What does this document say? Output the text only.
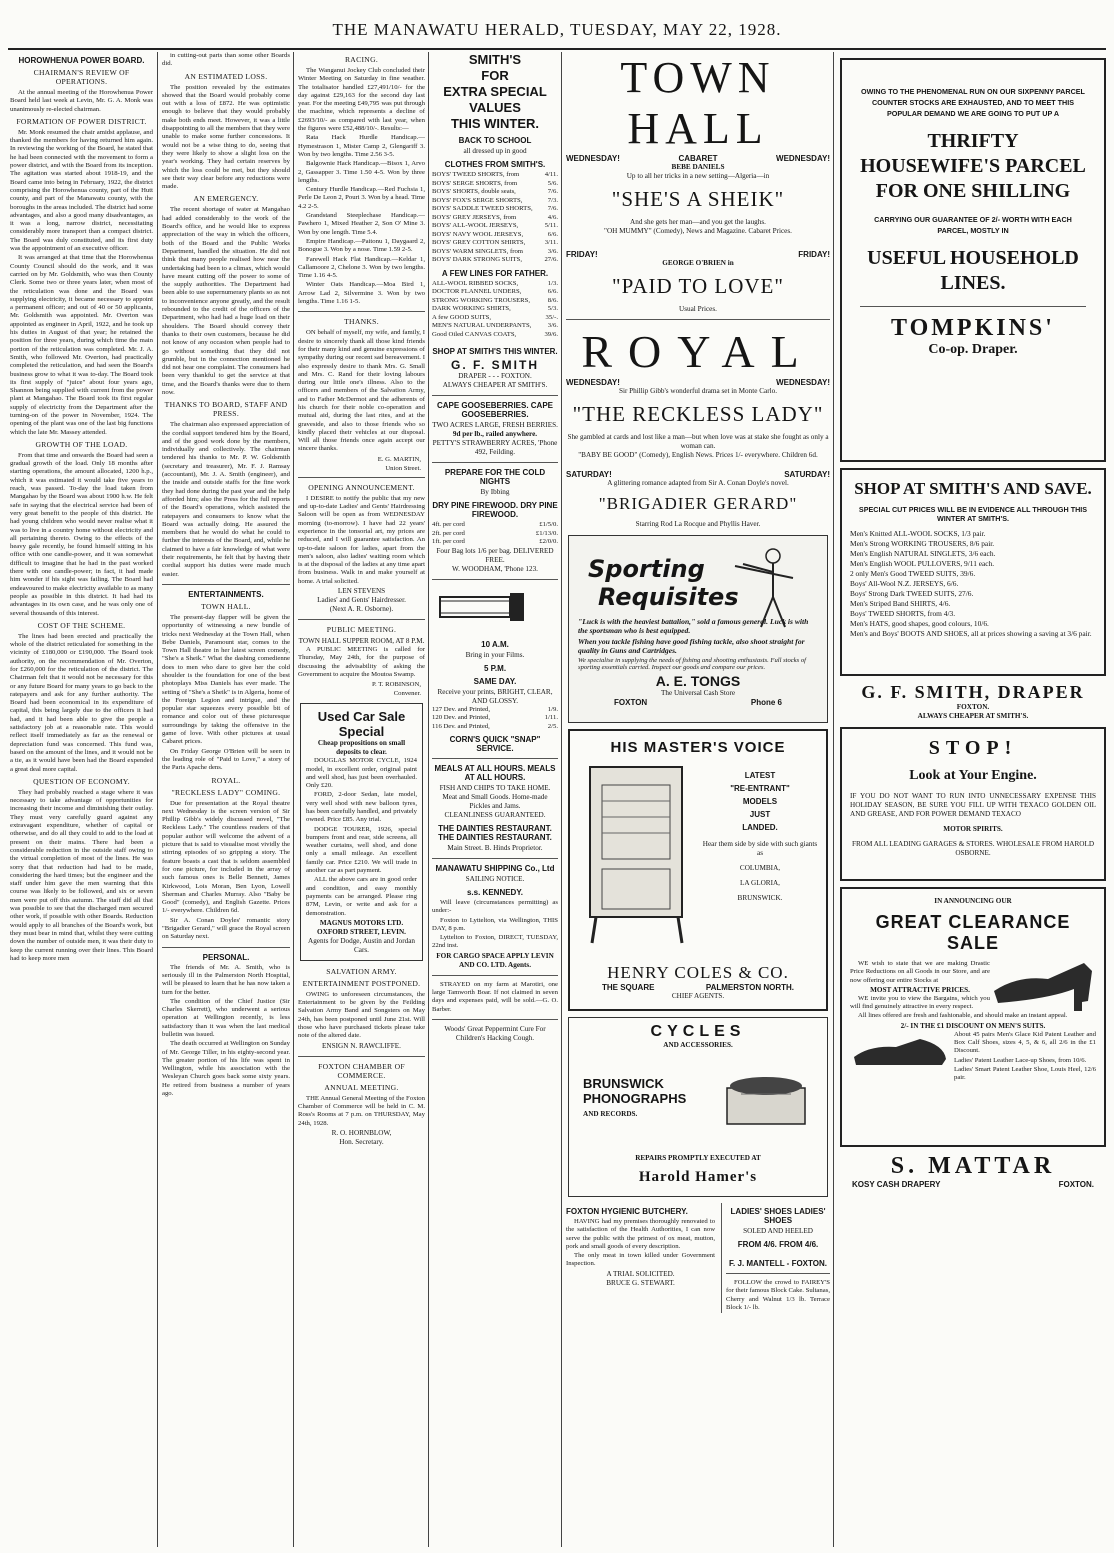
THE MANAWATU HERALD, TUESDAY, MAY 22, 1928.
HOROWHENUA POWER BOARD.
CHAIRMAN'S REVIEW OF OPERATIONS.

At the annual meeting of the Horowhenua Power Board held last week at Levin, Mr. G. A. Monk was unanimously re-elected chairman.

FORMATION OF POWER DISTRICT.

Mr. Monk resumed the chair amidst applause, and thanked the members for having returned him again. In reviewing the working of the Board, he stated that he had been connected with the movement to form a power district, and with the Board from its inception. The agitation was started about 1918-19, and the Board came into being in February, 1922, the district comprising the Horowhenua county, part of the Hutt county, and part of the Manawatu county, with the boroughs in the areas included. The district had some advantages, and also a good many disadvantages, as it was a long, narrow district, necessitating considerably more transport than a compact district. The Board was duly constituted, and its first duty was the appointment of an executive officer.

It was arranged at that time that the Horowhenua County Council should do the work, and it was carried on by Mr. Goldsmith, who was then County Clerk. Some two or three years later, when most of the reticulation was done and the Board was supplying electricity, it became necessary to appoint a permanent officer; and out of 40 or 50 applicants, Mr. Goldsmith was appointed. Mr. Overton was appointed as engineer in April, 1922, and he took up his duties in August of that year; he retained the position for three years, during which time the main portion of the reticulation was completed. Mr. J. A. Smith, who followed Mr. Overton, had practically completed the reticulation, and had seen the Board's business grow to what it was to-day. The Board took its first supply of "juice" about four years ago, Shannon being supplied with current from the power plant at Mangahao. The Board took its first regular supply of electricity from the Department after the turning-on of the power in November, 1924. The opening of the plant was one of the last big functions which the late Mr. Massey attended.

GROWTH OF THE LOAD.

From that time and onwards the Board had seen a gradual growth of the load. Only 18 months after starting operations, the amount allocated, 1200 h.p., which it was estimated it would take five years to reach, was passed. To-day the load taken from Mangahao by the Board was about 1900 h.w. He felt safe in saying that the electrical service had been of very great benefit to the people of this district. He had young children who would never realise what it was to live in a country home without electricity and all pertaining thereto. Owing to the effects of the heavy gale recently, he found himself sitting in his office with one candle-power, and it was somewhat difficult to imagine that he had in the past worked there with one candle-power; in fact, it had made him wonder if his sight was failing. The Board had endeavoured to make electricity available to as many people as possible in this district. It had had its advantages in its own case, and he was only one of several thousands of this interest.

COST OF THE SCHEME.

The lines had been erected and practically the whole of the district reticulated for something in the vicinity of £180,000 or £190,000. The Board took authority, on the recommendation of Mr. Overton, for £260,000 for the reticulation of the district. The Chairman felt that it would not be necessary for this or any future Board for many years to go back to the ratepayers and ask for any further authority. The Board had been economical in its expenditure of capital, this being largely due to the officers it had had, and it had been able to give the people a satisfactory job at a reasonable rate. This would reflect itself immediately as far as the renewal or depreciation fund was concerned. This fund was, based on the amount of the lines, and it would not be a tie, as it would have been had the Board expended a great deal more capital.

QUESTION OF ECONOMY.

They had probably reached a stage where it was necessary to take advantage of opportunities for increasing their income and diminishing their outlay. They must very carefully guard against any extravagant expenditure, whether of capital or otherwise, and do all they could to add to the load at present on their mains. There had been a considerable reduction in the outside staff owing to the virtual completion of most of the lines. He was sorry that that reduction had had to be made, considering the hard times; but the engineer and the staff under him gave the men warning that this course was likely to be followed, and six or seven men were put off this autumn. The staff did all that was possible to see that the discharged men secured other work, if possible with other Boards. Reduction would apply to all branches of the Board's work, but they must bear in mind that, whilst they were cutting down the number of outside men, it was their duty to keep the current running over their lines. This Board had to keep more men

in cutting-out parts than some other Boards did.

AN ESTIMATED LOSS.

The position revealed by the estimates showed that the Board would probably come out with a loss of £872. He was optimistic enough to believe that they would probably make both ends meet. However, it was a little disappointing to all the members that they were unable to make some further concessions. It would not be a wise thing to do, seeing that they were likely to show a slight loss on the year's working. They had certain reserves by which the loss could be met, but they should see their way clear before any reductions were made.

AN EMERGENCY.

The recent shortage of water at Mangahao had added considerably to the work of the Board's office, and he would like to express appreciation of the way in which the officers, both of the Board and the Public Works Department, handled the situation. He did not think that many people realised how near the undertaking had been to a climax, which would have meant cutting off the power to some of the supply authorities. The Department had been able to use supernumerary plants so as not to inconvenience anyone greatly, and the result rebounded to the credit of the officers of the Department, who had had a huge load on their shoulders. The Board should convey their thanks to their own customers, because he did not know of any occasion when people had to go without something that they did not grumble, but in the connection mentioned he did not hear one complaint. The consumers had been very thankful to get the service at that time, and the Board's thanks were due to them now.

THANKS TO BOARD, STAFF AND PRESS.

The chairman also expressed appreciation of the cordial support tendered him by the Board, and of the good work done by the members, individually and collectively. The chairman tendered his thanks to Mr. P. W. Goldsmith (secretary and treasurer), Mr. F. J. Ramsay (accountant), Mr. J. A. Smith (engineer), and the inside and outside staffs for the fine work they had done during the past year and the help afforded him; also the Press for the full reports of the Board's operations, which assisted the ratepayers and consumers to know what the Board was actually doing. He assured the members that he would do what he could to further the interests of the Board, and, while he claimed to have a fair knowledge of what were their requirements, he felt that by having their cordial support his duties were made much easier.

ENTERTAINMENTS.
TOWN HALL.

The present-day flapper will be given the opportunity of witnessing a new bundle of tricks next Wednesday at the Town Hall, when Bebe Daniels, Paramount star, comes to the Town Hall theatre in her latest screen comedy, "She's a Sheik." What the dashing comedienne does to men who dare to give her the cold shoulder is the foundation for one of the best photoplays Miss Daniels has ever made. The setting of "She's a Sheik" is in Algeria, home of the Foreign Legion and intrigue, and the popular star squeezes every possible bit of romance and color out of these picturesque surroundings by taking the offensive in the game of love. With other pictures at usual Cabaret prices.

On Friday George O'Brien will be seen in the leading role of "Paid to Love," a story of the Paris Apache dens.

ROYAL.
"RECKLESS LADY" COMING.

Due for presentation at the Royal theatre next Wednesday is the screen version of Sir Phillip Gibb's widely discussed novel, "The Reckless Lady." The countless readers of that popular author will welcome the advent of a picture that is said to visualise most vividly the stirring episodes of so gripping a story. The feature boasts a cast that is seldom assembled for one picture, for included in the array of such famous ones is Belle Bennett, James Kirkwood, Lois Moran, Ben Lyon, Lowell Sherman and Charles Murray. Also "Baby be Good" (comedy), and English Gazette. Prices 1/- everywhere. Children 6d.

Sir A. Conan Doyles' romantic story "Brigadier Gerard," will grace the Royal screen on Saturday next.

PERSONAL.

The friends of Mr. A. Smith, who is seriously ill in the Palmerston North Hospital, will be pleased to learn that he has now taken a turn for the better.

The condition of the Chief Justice (Sir Charles Skerrett), who underwent a serious operation at Wellington recently, is less satisfactory than it was when the last medical bulletin was issued.

The death occurred at Wellington on Sunday of Mr. George Tiller, in his eighty-second year. The greater portion of his life was spent in Wellington, while his association with the Wesleyan Church goes back some sixty years. He retired from business a number of years ago.

RACING.

The Wanganui Jockey Club concluded their Winter Meeting on Saturday in fine weather. The totalisator handled £27,491/10/- for the day against £29,163 for the second day last year. For the meeting £49,795 was put through the machine, which represents a decline of £2693/10/- as compared with last year, when the figures were £52,488/10/-. Results:—

Rata Hack Hurdle Handicap.—Hymestrason 1, Mister Camp 2, Glengariff 3. Won by two lengths. Time 2.56 3-5.

Balgownie Hack Handicap.—Bisox 1, Arvo 2, Gassapper 3. Time 1.50 4-5. Won by three lengths.

Century Hurdle Handicap.—Red Fuchsia 1, Perle De Leon 2, Pouri 3. Won by a head. Time 4.2 2-5.

Grandstand Steeplechase Handicap.—Pawhero 1, Mixed Heather 2, Son O' Mine 3. Won by one length. Time 5.4.

Empire Handicap.—Paitonu 1, Daygaard 2, Bonogue 3. Won by a nose. Time 1.59 2-5.

Farewell Hack Flat Handicap.—Keldar 1, Callamoore 2, Chelone 3. Won by two lengths. Time 1.16 4-5.

Winter Oats Handicap.—Moa Bird 1, Arrow Lad 2, Silvermine 3. Won by two lengths. Time 1.16 1-5.

THANKS.

ON behalf of myself, my wife, and family, I desire to sincerely thank all those kind friends for their many kind and genuine expressions of sympathy during our recent sad bereavement. I also expressly desire to thank Mrs. G. Small and Mrs. C. Rand for their loving labours during our little one's illness. Also to the officers and members of the Salvation Army, and to Father McDermot and the adherents of his church for their noble co-operation and mutual aid, during the last rites, and at the graveside, and also to those friends who so kindly placed their vehicles at our disposal. Will all those friends once again accept our sincere thanks.

E. G. MARTIN,
Union Street.
OPENING ANNOUNCEMENT.

I DESIRE to notify the public that my new and up-to-date Ladies' and Gents' Hairdressing Saloon will be open as from WEDNESDAY morning (to-morrow). I have had 22 years' experience in the tonsorial art, my prices are reduced, and I will guarantee satisfaction. An up-to-date saloon for ladies, apart from the men's saloon, also ladies' waiting room which is at the disposal of the ladies at any time apart from business. Walk in and make yourself at home. A trial solicited.

LEN STEVENS
Ladies' and Gents' Hairdresser.
(Next A. R. Osborne).
PUBLIC MEETING.
TOWN HALL SUPPER ROOM, AT 8 P.M.

A PUBLIC MEETING is called for Thursday, May 24th, for the purpose of discussing the advisability of asking the Government to acquire the Moutoa Swamp.

P. T. ROBINSON,
Convener.
Used Car Sale
Special
Cheap propositions on small deposits to clear.

DOUGLAS MOTOR CYCLE, 1924 model, in excellent order, original paint and well shod, has just been overhauled. Only £20.

FORD, 2-door Sedan, late model, very well shod with new balloon tyres, has been carefully handled, and privately owned. Price £85. Any trial.

DODGE TOURER, 1926, special bumpers front and rear, side screens, all weather curtains, well shod, and done only a small mileage. An excellent family car. Price £210. We will trade in another car as part payment.

ALL the above cars are in good order and condition, and easy monthly payments can be arranged. Please ring 87M, Levin, or write and ask for a demonstration.

MAGNUS MOTORS LTD. OXFORD STREET, LEVIN.
Agents for Dodge, Austin and Jordan Cars.
SALVATION ARMY.
ENTERTAINMENT POSTPONED.

OWING to unforeseen circumstances, the Entertainment to be given by the Feilding Salvation Army Band and Songsters on May 24th, has been postponed until June 21st. Will those who have purchased tickets please take note of the altered date.

ENSIGN N. RAWCLIFFE.
FOXTON CHAMBER OF COMMERCE.
ANNUAL MEETING.

THE Annual General Meeting of the Foxton Chamber of Commerce will be held in C. M. Ross's Rooms at 7 p.m. on THURSDAY, May 24th, 1928.

R. O. HORNBLOW,
Hon. Secretary.
SMITH'S
FOR
EXTRA SPECIAL
VALUES
THIS WINTER.
BACK TO SCHOOL
all dressed up in good
CLOTHES FROM SMITH'S.
BOYS' TWEED SHORTS, from	4/11.
BOYS' SERGE SHORTS, from	5/6.
BOYS' SHORTS, double seats,	7/6.
BOYS' FOX'S SERGE SHORTS,	7/3.
BOYS' SADDLE TWEED SHORTS, 7/6.
BOYS' GREY JERSEYS, from	4/6.
BOYS' ALL-WOOL JERSEYS,	5/11.
BOYS' NAVY WOOL JERSEYS,	6/6.
BOYS' GREY COTTON SHIRTS,	3/11.
BOYS' WARM SINGLETS, from	3/6.
BOYS' DARK STRONG SUITS,	27/6.
A FEW LINES FOR FATHER.
ALL-WOOL RIBBED SOCKS,	1/3.
DOCTOR FLANNEL UNDERS,	6/6.
STRONG WORKING TROUSERS,	8/6.
DARK WORKING SHIRTS,	5/3.
A few GOOD SUITS,	35/-.
MEN'S NATURAL UNDERPANTS, 3/6.
Good Oiled CANVAS COATS,	39/6.
SHOP AT SMITH'S THIS WINTER.
G. F. SMITH
DRAPER - - - FOXTON.
ALWAYS CHEAPER AT SMITH'S.
CAPE GOOSEBERRIES. CAPE GOOSEBERRIES.
TWO ACRES LARGE, FRESH BERRIES.
9d per lb., railed anywhere.
PETTY'S STRAWBERRY ACRES, 'Phone 492, Feilding.
PREPARE FOR THE COLD NIGHTS
By Ibbing
DRY PINE FIREWOOD. DRY PINE FIREWOOD.
4ft. per cord	£1/5/0.
2ft. per cord	£1/13/0.
1ft. per cord	£2/0/0.
Four Bag lots 1/6 per bag. DELIVERED FREE.
W. WOODHAM, 'Phone 123.
10 A.M.
Bring in your Films.
5 P.M.
SAME DAY.
Receive your prints, BRIGHT, CLEAR, AND GLOSSY.
127 Dev. and Printed,	1/9.
120 Dev. and Printed,	1/11.
116 Dev. and Printed,	2/5.
CORN'S QUICK "SNAP" SERVICE.
MEALS AT ALL HOURS. MEALS AT ALL HOURS.
FISH AND CHIPS TO TAKE HOME.
Meat and Small Goods. Home-made Pickles and Jams.
CLEANLINESS GUARANTEED.
THE DAINTIES RESTAURANT. THE DAINTIES RESTAURANT.
Main Street. B. Hinds Proprietor.
MANAWATU SHIPPING Co., Ltd
SAILING NOTICE.
s.s. KENNEDY.

Will leave (circumstances permitting) as under:-

Foxton to Lyttelton, via Wellington, THIS DAY, 8 p.m.

Lyttelton to Foxton, DIRECT, TUESDAY, 22nd inst.

FOR CARGO SPACE APPLY LEVIN AND CO. LTD. Agents.

STRAYED on my farm at Marotiri, one large Tamworth Boar. If not claimed in seven days and expenses paid, will be sold.—G. O. Barber.

Woods' Great Peppermint Cure For Children's Hacking Cough.
TOWN HALL
WEDNESDAY!	CABARET	WEDNESDAY!
BEBE DANIELS
Up to all her tricks in a new setting—Algeria—in
"SHE'S A SHEIK"
And she gets her man—and you get the laughs.
"OH MUMMY" (Comedy), News and Magazine. Cabaret Prices.
FRIDAY!	FRIDAY!
GEORGE O'BRIEN in
"PAID TO LOVE"
Usual Prices.
ROYAL
WEDNESDAY!	WEDNESDAY!
Sir Phillip Gibb's wonderful drama set in Monte Carlo.
"THE RECKLESS LADY"
She gambled at cards and lost like a man—but when love was at stake she fought as only a woman can.
"BABY BE GOOD" (Comedy), English News. Prices 1/- everywhere. Children 6d.
SATURDAY!	SATURDAY!
A glittering romance adapted from Sir A. Conan Doyle's novel.
"BRIGADIER GERARD"
Starring Rod La Rocque and Phyllis Haver.
Sporting
Requisites
"Luck is with the heaviest battalion," sold a famous general. Luck is with the sportsman who is best equipped.
When you tackle fishing have good fishing tackle, also shoot straight for quality in Guns and Cartridges.
We specialise in supplying the needs of fishing and shooting enthusiasts. Full stocks of sporting essentials carried. Inspect our goods and compare our prices.
A. E. TONGS
The Universal Cash Store
FOXTON	Phone 6
HIS MASTER'S VOICE
LATEST
"RE-ENTRANT"
MODELS
JUST
LANDED.
Hear them side by side with such giants as
COLUMBIA,
LA GLORIA,
BRUNSWICK.
HENRY COLES & CO.
THE SQUARE	PALMERSTON NORTH.
CHIEF AGENTS.
CYCLES
AND ACCESSORIES.
BRUNSWICK
PHONOGRAPHS
AND RECORDS.
REPAIRS PROMPTLY EXECUTED AT
Harold Hamer's
FOXTON HYGIENIC BUTCHERY.

HAVING had my premises thoroughly renovated to the satisfaction of the Health Authorities, I can now serve the public with the primest of ox meat, mutton, pork and small goods of every description.

The only meat in town killed under Government Inspection.

A TRIAL SOLICITED.
BRUCE G. STEWART.
LADIES' SHOES LADIES' SHOES
SOLED AND HEELED
FROM 4/6. FROM 4/6.
F. J. MANTELL - FOXTON.

FOLLOW the crowd to FAIREY'S for their famous Block Cake. Sultanas, Cherry and Walnut 1/3 lb. Terrace Block 1/- lb.

OWING TO THE PHENOMENAL RUN ON OUR SIXPENNY PARCEL COUNTER STOCKS ARE EXHAUSTED, AND TO MEET THIS POPULAR DEMAND WE ARE GOING TO PUT UP A
THRIFTY HOUSEWIFE'S PARCEL FOR ONE SHILLING
CARRYING OUR GUARANTEE OF 2/- WORTH WITH EACH PARCEL, MOSTLY IN
USEFUL HOUSEHOLD LINES.
TOMPKINS'
Co-op. Draper.
SHOP AT SMITH'S AND SAVE.
SPECIAL CUT PRICES WILL BE IN EVIDENCE ALL THROUGH THIS WINTER AT SMITH'S.
Men's Knitted ALL-WOOL SOCKS, 1/3 pair.
Men's Strong WORKING TROUSERS, 8/6 pair.
Men's English NATURAL SINGLETS, 3/6 each.
Men's English WOOL PULLOVERS, 9/11 each.
2 only Men's Good TWEED SUITS, 39/6.
Boys' All-Wool N.Z. JERSEYS, 6/6.
Boys' Strong Dark TWEED SUITS, 27/6.
Men's Striped Band SHIRTS, 4/6.
Boys' TWEED SHORTS, from 4/3.
Men's HATS, good shapes, good colours, 10/6.
Men's and Boys' BOOTS AND SHOES, all at prices showing a saving at 3/6 pair.
G. F. SMITH, DRAPER
FOXTON.
ALWAYS CHEAPER AT SMITH'S.
STOP!
Look at Your Engine.
IF YOU DO NOT WANT TO RUN INTO UNNECESSARY EXPENSE THIS HOLIDAY SEASON, BE SURE YOU FILL UP WITH TEXACO GOLDEN OIL AND GREASE, AND FOR POWER DEMAND TEXACO
MOTOR SPIRITS.
FROM ALL LEADING GARAGES & STORES. WHOLESALE FROM HAROLD OSBORNE.
IN ANNOUNCING OUR
GREAT CLEARANCE SALE

WE wish to state that we are making Drastic Price Reductions on all Goods in our Store, and are now offering our entire Stocks at

MOST ATTRACTIVE PRICES.

WE invite you to view the Bargains, which you will find genuinely attractive in every respect.

All lines offered are fresh and fashionable, and should make an instant appeal.

2/- IN THE £1 DISCOUNT ON MEN'S SUITS.

About 45 pairs Men's Glace Kid Patent Leather and Box Calf Shoes, sizes 4, 5, & 6, all 2/6 in the £1 Discount.

Ladies' Patent Leather Lace-up Shoes, from 10/6.

Ladies' Smart Patent Leather Shoe, Louis Heel, 12/6 pair.

S. MATTAR
KOSY CASH DRAPERY	FOXTON.
